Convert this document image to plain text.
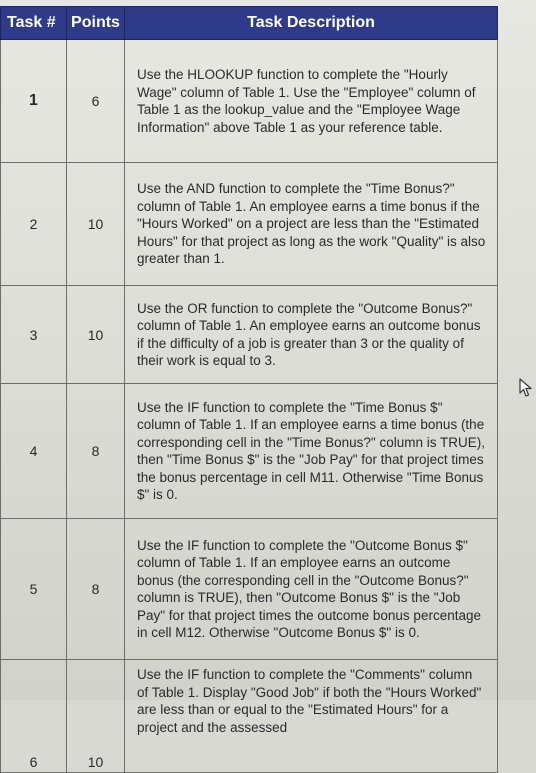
Task #	Points	Task Description
1	6	Use the HLOOKUP function to complete the "Hourly Wage" column of Table 1. Use the "Employee" column of Table 1 as the lookup_value and the "Employee Wage Information" above Table 1 as your reference table.
2	10	Use the AND function to complete the "Time Bonus?" column of Table 1. An employee earns a time bonus if the "Hours Worked" on a project are less than the "Estimated Hours" for that project as long as the work "Quality" is also greater than 1.
3	10	Use the OR function to complete the "Outcome Bonus?" column of Table 1. An employee earns an outcome bonus if the difficulty of a job is greater than 3 or the quality of their work is equal to 3.
4	8	Use the IF function to complete the "Time Bonus $" column of Table 1. If an employee earns a time bonus (the corresponding cell in the "Time Bonus?" column is TRUE), then "Time Bonus $" is the "Job Pay" for that project times the bonus percentage in cell M11. Otherwise "Time Bonus $" is 0.
5	8	Use the IF function to complete the "Outcome Bonus $" column of Table 1. If an employee earns an outcome bonus (the corresponding cell in the "Outcome Bonus?" column is TRUE), then "Outcome Bonus $" is the "Job Pay" for that project times the outcome bonus percentage in cell M12. Otherwise "Outcome Bonus $" is 0.
6	10	Use the IF function to complete the "Comments" column of Table 1. Display "Good Job" if both the "Hours Worked" are less than or equal to the "Estimated Hours" for a project and the assessed
